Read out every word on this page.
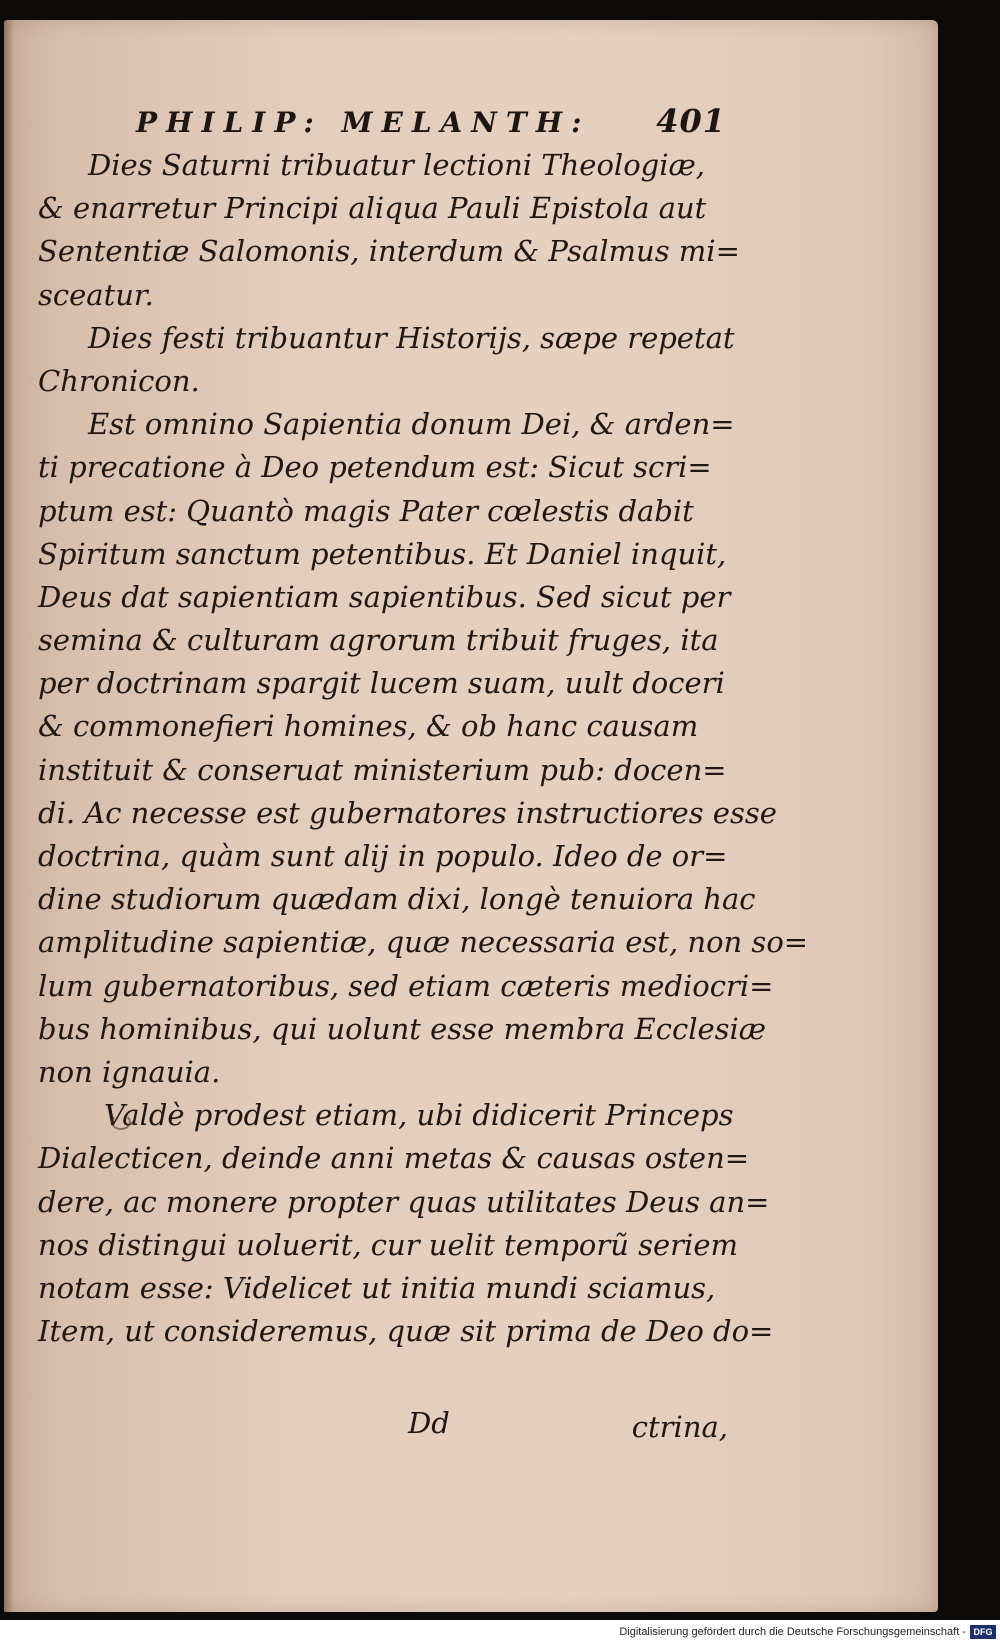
PHILIP: MELANTH: 401
Dies Saturni tribuatur lectioni Theologiæ,
& enarretur Principi aliqua Pauli Epistola aut
Sententiæ Salomonis, interdum & Psalmus mi=
sceatur.
Dies festi tribuantur Historijs, sæpe repetat
Chronicon.
Est omnino Sapientia donum Dei, & arden=
ti precatione à Deo petendum est: Sicut scri=
ptum est: Quantò magis Pater cœlestis dabit
Spiritum sanctum petentibus. Et Daniel inquit,
Deus dat sapientiam sapientibus. Sed sicut per
semina & culturam agrorum tribuit fruges, ita
per doctrinam spargit lucem suam, uult doceri
& commonefieri homines, & ob hanc causam
instituit & conseruat ministerium pub: docen=
di. Ac necesse est gubernatores instructiores esse
doctrina, quàm sunt alij in populo. Ideo de or=
dine studiorum quædam dixi, longè tenuiora hac
amplitudine sapientiæ, quæ necessaria est, non so=
lum gubernatoribus, sed etiam cæteris mediocri=
bus hominibus, qui uolunt esse membra Ecclesiæ
non ignauia.
Valdè prodest etiam, ubi didicerit Princeps
Dialecticen, deinde anni metas & causas osten=
dere, ac monere propter quas utilitates Deus an=
nos distingui uoluerit, cur uelit temporũ seriem
notam esse: Videlicet ut initia mundi sciamus,
Item, ut consideremus, quæ sit prima de Deo do=
Dd	ctrina,
Digitalisierung gefördert durch die Deutsche Forschungsgemeinschaft - DFG
